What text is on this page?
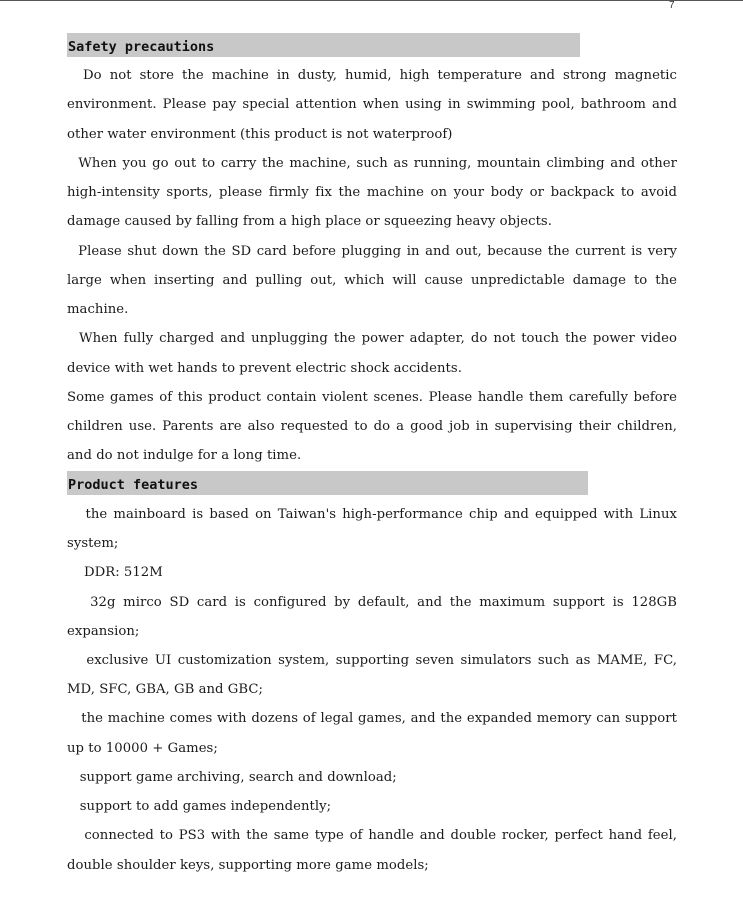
7
Safety precautions
Do not store the machine in dusty, humid, high temperature and strong magnetic
environment. Please pay special attention when using in swimming pool, bathroom and
other water environment (this product is not waterproof)
When you go out to carry the machine, such as running, mountain climbing and other
high-intensity sports, please firmly fix the machine on your body or backpack to avoid
damage caused by falling from a high place or squeezing heavy objects.
Please shut down the SD card before plugging in and out, because the current is very
large when inserting and pulling out, which will cause unpredictable damage to the
machine.
When fully charged and unplugging the power adapter, do not touch the power video
device with wet hands to prevent electric shock accidents.
Some games of this product contain violent scenes. Please handle them carefully before
children use. Parents are also requested to do a good job in supervising their children,
and do not indulge for a long time.
Product features
the mainboard is based on Taiwan's high-performance chip and equipped with Linux
system;
DDR: 512M
32g mirco SD card is configured by default, and the maximum support is 128GB
expansion;
exclusive UI customization system, supporting seven simulators such as MAME, FC,
MD, SFC, GBA, GB and GBC;
the machine comes with dozens of legal games, and the expanded memory can support
up to 10000 + Games;
support game archiving, search and download;
support to add games independently;
connected to PS3 with the same type of handle and double rocker, perfect hand feel,
double shoulder keys, supporting more game models;
